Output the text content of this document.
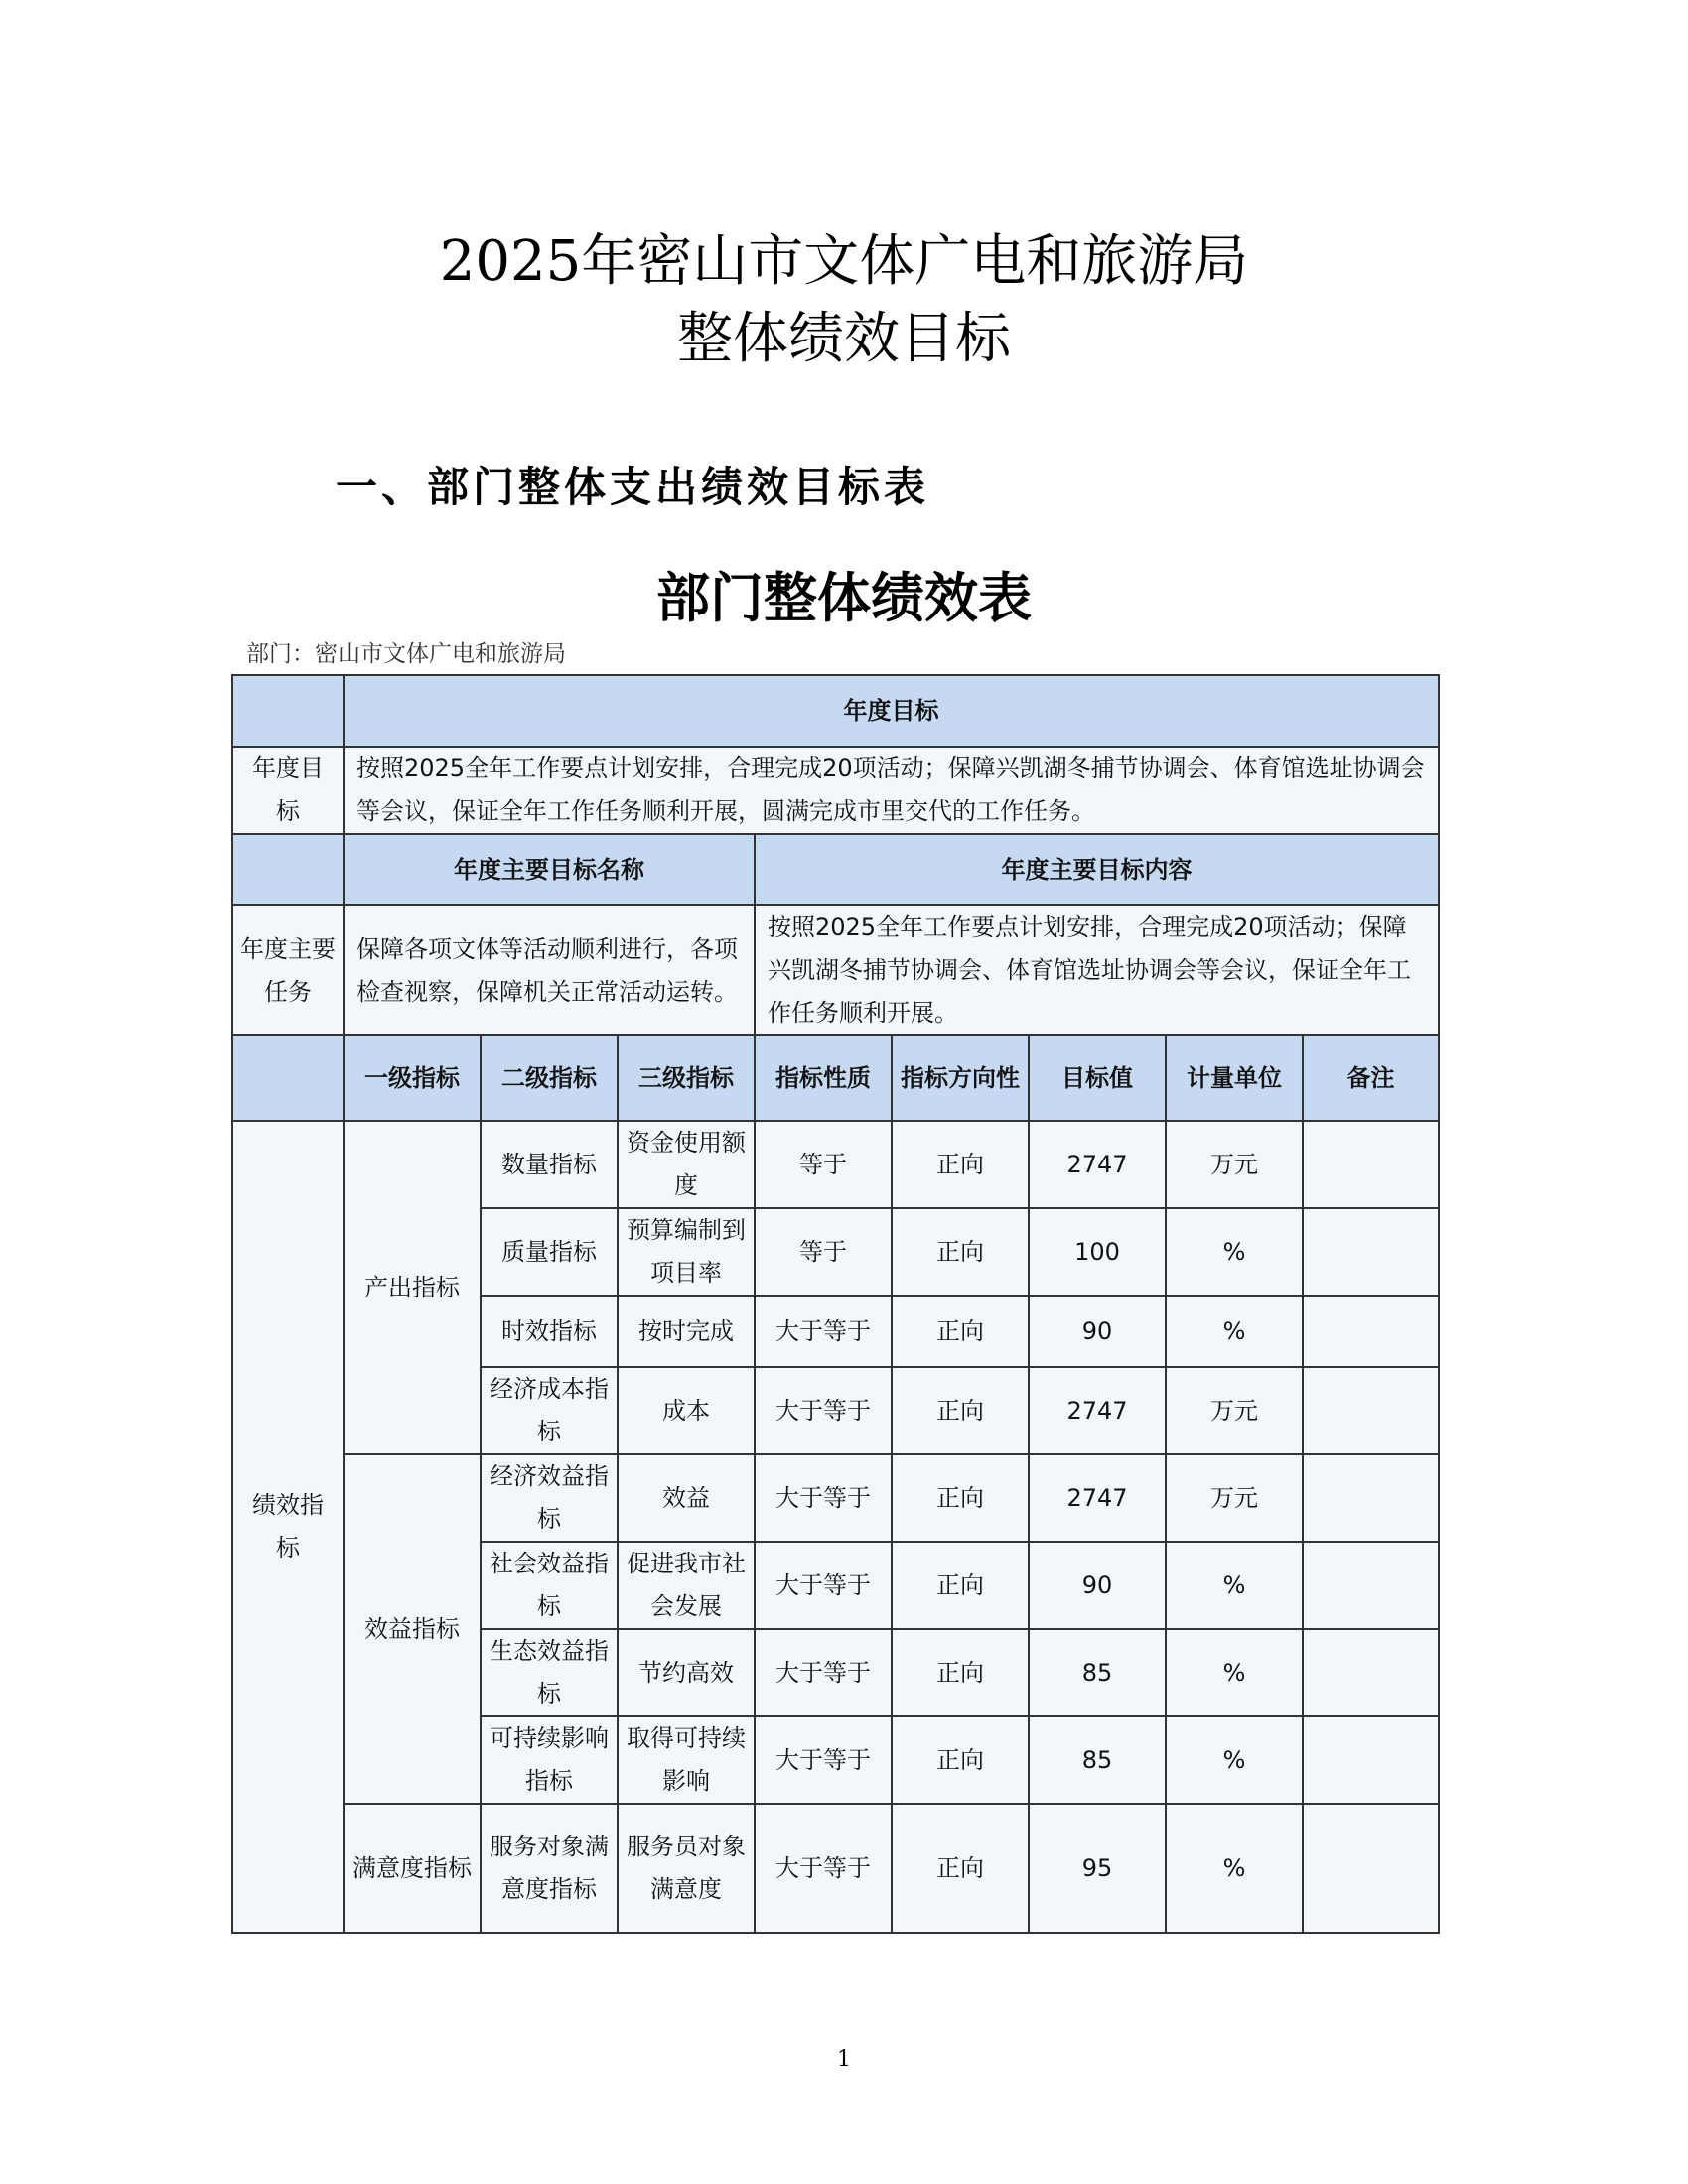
2025年密山市文体广电和旅游局
整体绩效目标
一、部门整体支出绩效目标表
部门整体绩效表
部门：密山市文体广电和旅游局
	年度目标							
年度目标	按照2025全年工作要点计划安排，合理完成20项活动；保障兴凯湖冬捕节协调会、体育馆选址协调会等会议，保证全年工作任务顺利开展，圆满完成市里交代的工作任务。							
	年度主要目标名称			年度主要目标内容				
年度主要任务	保障各项文体等活动顺利进行，各项检查视察，保障机关正常活动运转。			按照2025全年工作要点计划安排，合理完成20项活动；保障兴凯湖冬捕节协调会、体育馆选址协调会等会议，保证全年工作任务顺利开展。				
	一级指标	二级指标	三级指标	指标性质	指标方向性	目标值	计量单位	备注
绩效指标	产出指标	数量指标	资金使用额度	等于	正向	2747	万元	
		质量指标	预算编制到项目率	等于	正向	100	%	
		时效指标	按时完成	大于等于	正向	90	%	
		经济成本指标	成本	大于等于	正向	2747	万元	
	效益指标	经济效益指标	效益	大于等于	正向	2747	万元	
		社会效益指标	促进我市社会发展	大于等于	正向	90	%	
		生态效益指标	节约高效	大于等于	正向	85	%	
		可持续影响指标	取得可持续影响	大于等于	正向	85	%	
	满意度指标	服务对象满意度指标	服务员对象满意度	大于等于	正向	95	%	
1
